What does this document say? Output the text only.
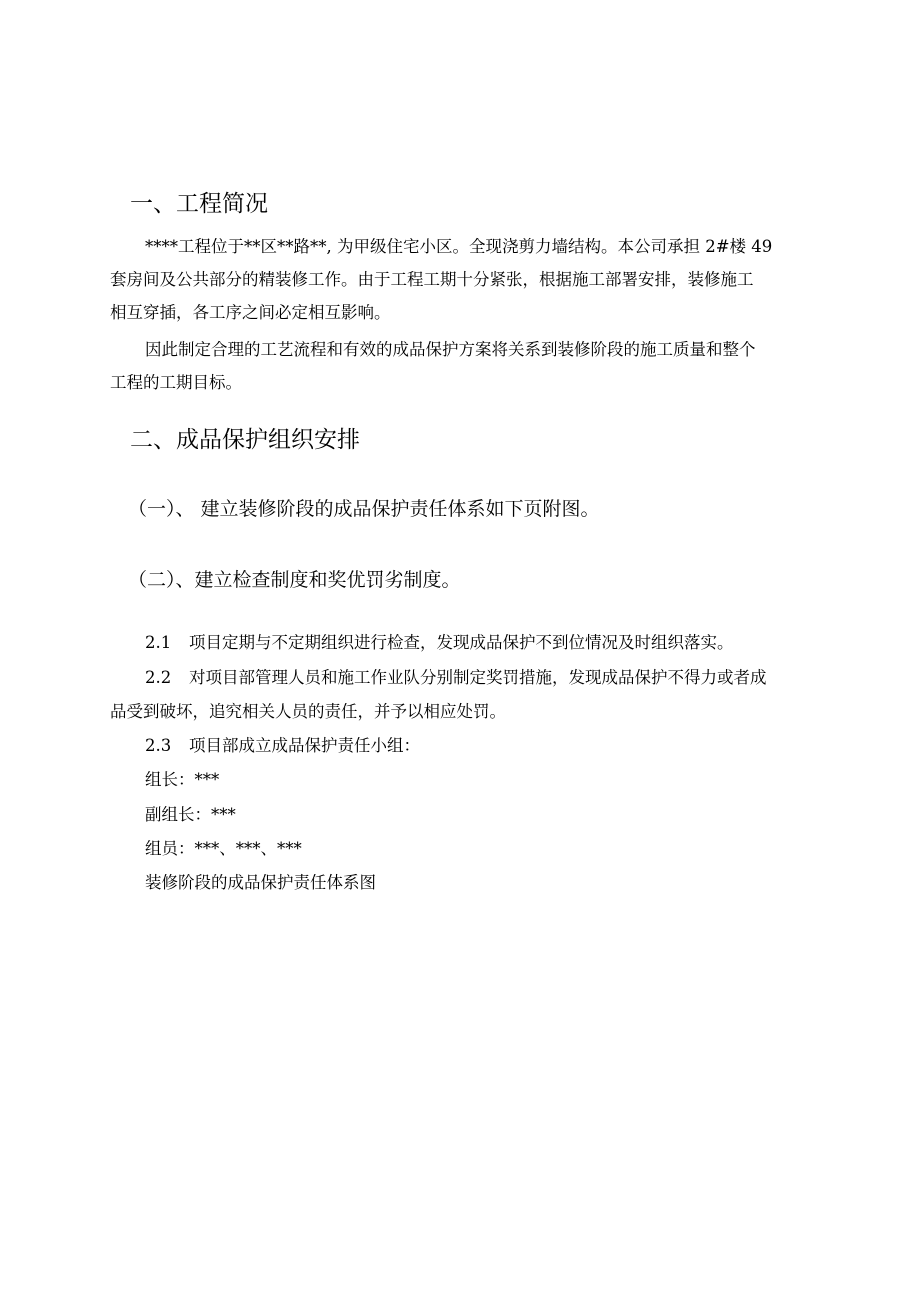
一、工程简况
****工程位于**区**路**, 为甲级住宅小区。全现浇剪力墙结构。本公司承担 2#楼 49
套房间及公共部分的精装修工作。由于工程工期十分紧张，根据施工部署安排，装修施工
相互穿插，各工序之间必定相互影响。
因此制定合理的工艺流程和有效的成品保护方案将关系到装修阶段的施工质量和整个
工程的工期目标。
二、成品保护组织安排
（一）、 建立装修阶段的成品保护责任体系如下页附图。
（二）、建立检查制度和奖优罚劣制度。
2.1 项目定期与不定期组织进行检查，发现成品保护不到位情况及时组织落实。
2.2 对项目部管理人员和施工作业队分别制定奖罚措施，发现成品保护不得力或者成
品受到破坏，追究相关人员的责任，并予以相应处罚。
2.3 项目部成立成品保护责任小组：
组长：***
副组长：***
组员：***、***、***
装修阶段的成品保护责任体系图
